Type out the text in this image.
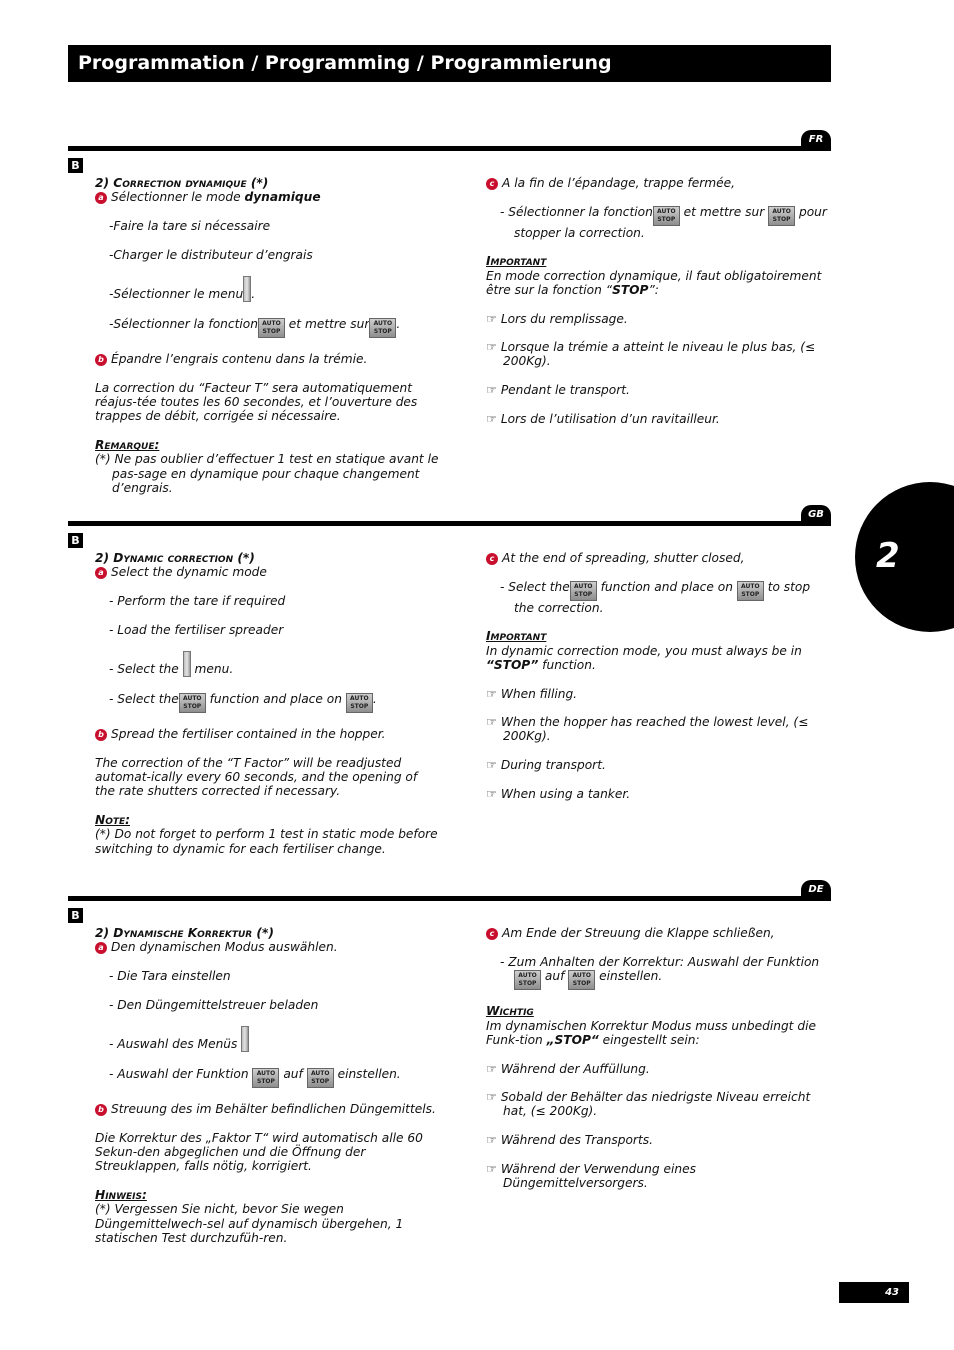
Programmation / Programming / Programmierung
FR
B

2) Correction dynamique (*)

a Sélectionner le mode dynamique

-Faire la tare si nécessaire

-Charger le distributeur d’engrais

-Sélectionner le menu .

-Sélectionner la fonction AUTO
STOP et mettre sur AUTO
STOP.

b Épandre l’engrais contenu dans la trémie.

La correction du “Facteur T” sera automatiquement réajus-tée toutes les 60 secondes, et l’ouverture des trappes de débit, corrigée si nécessaire.

Remarque:

(*) Ne pas oublier d’effectuer 1 test en statique avant le pas-sage en dynamique pour chaque changement d’engrais.

c A la fin de l’épandage, trappe fermée,

- Sélectionner la fonction AUTO
STOP et mettre sur AUTO
STOP pour stopper la correction.

Important

En mode correction dynamique, il faut obligatoirement être sur la fonction “STOP”:

☞ Lors du remplissage.

☞ Lorsque la trémie a atteint le niveau le plus bas, (≤ 200Kg).

☞ Pendant le transport.

☞ Lors de l’utilisation d’un ravitailleur.

GB
B

2) Dynamic correction (*)

a Select the dynamic mode

- Perform the tare if required

- Load the fertiliser spreader

- Select the menu.

- Select the AUTO
STOP function and place on AUTO
STOP.

b Spread the fertiliser contained in the hopper.

The correction of the “T Factor” will be readjusted automat-ically every 60 seconds, and the opening of the rate shutters corrected if necessary.

Note:

(*) Do not forget to perform 1 test in static mode before switching to dynamic for each fertiliser change.

c At the end of spreading, shutter closed,

- Select the AUTO
STOP function and place on AUTO
STOP to stop the correction.

Important

In dynamic correction mode, you must always be in “STOP” function.

☞ When filling.

☞ When the hopper has reached the lowest level, (≤ 200Kg).

☞ During transport.

☞ When using a tanker.

DE
B

2) Dynamische Korrektur (*)

a Den dynamischen Modus auswählen.

- Die Tara einstellen

- Den Düngemittelstreuer beladen

- Auswahl des Menüs

- Auswahl der Funktion AUTO
STOP auf AUTO
STOP einstellen.

b Streuung des im Behälter befindlichen Düngemittels.

Die Korrektur des „Faktor T“ wird automatisch alle 60 Sekun-den abgeglichen und die Öffnung der Streuklappen, falls nötig, korrigiert.

Hinweis:

(*) Vergessen Sie nicht, bevor Sie wegen Düngemittelwech-sel auf dynamisch übergehen, 1 statischen Test durchzufüh-ren.

c Am Ende der Streuung die Klappe schließen,

- Zum Anhalten der Korrektur: Auswahl der Funktion AUTO
STOP auf AUTO
STOP einstellen.

Wichtig

Im dynamischen Korrektur Modus muss unbedingt die Funk-tion „STOP“ eingestellt sein:

☞ Während der Auffüllung.

☞ Sobald der Behälter das niedrigste Niveau erreicht hat, (≤ 200Kg).

☞ Während des Transports.

☞ Während der Verwendung eines Düngemittelversorgers.

2
43
